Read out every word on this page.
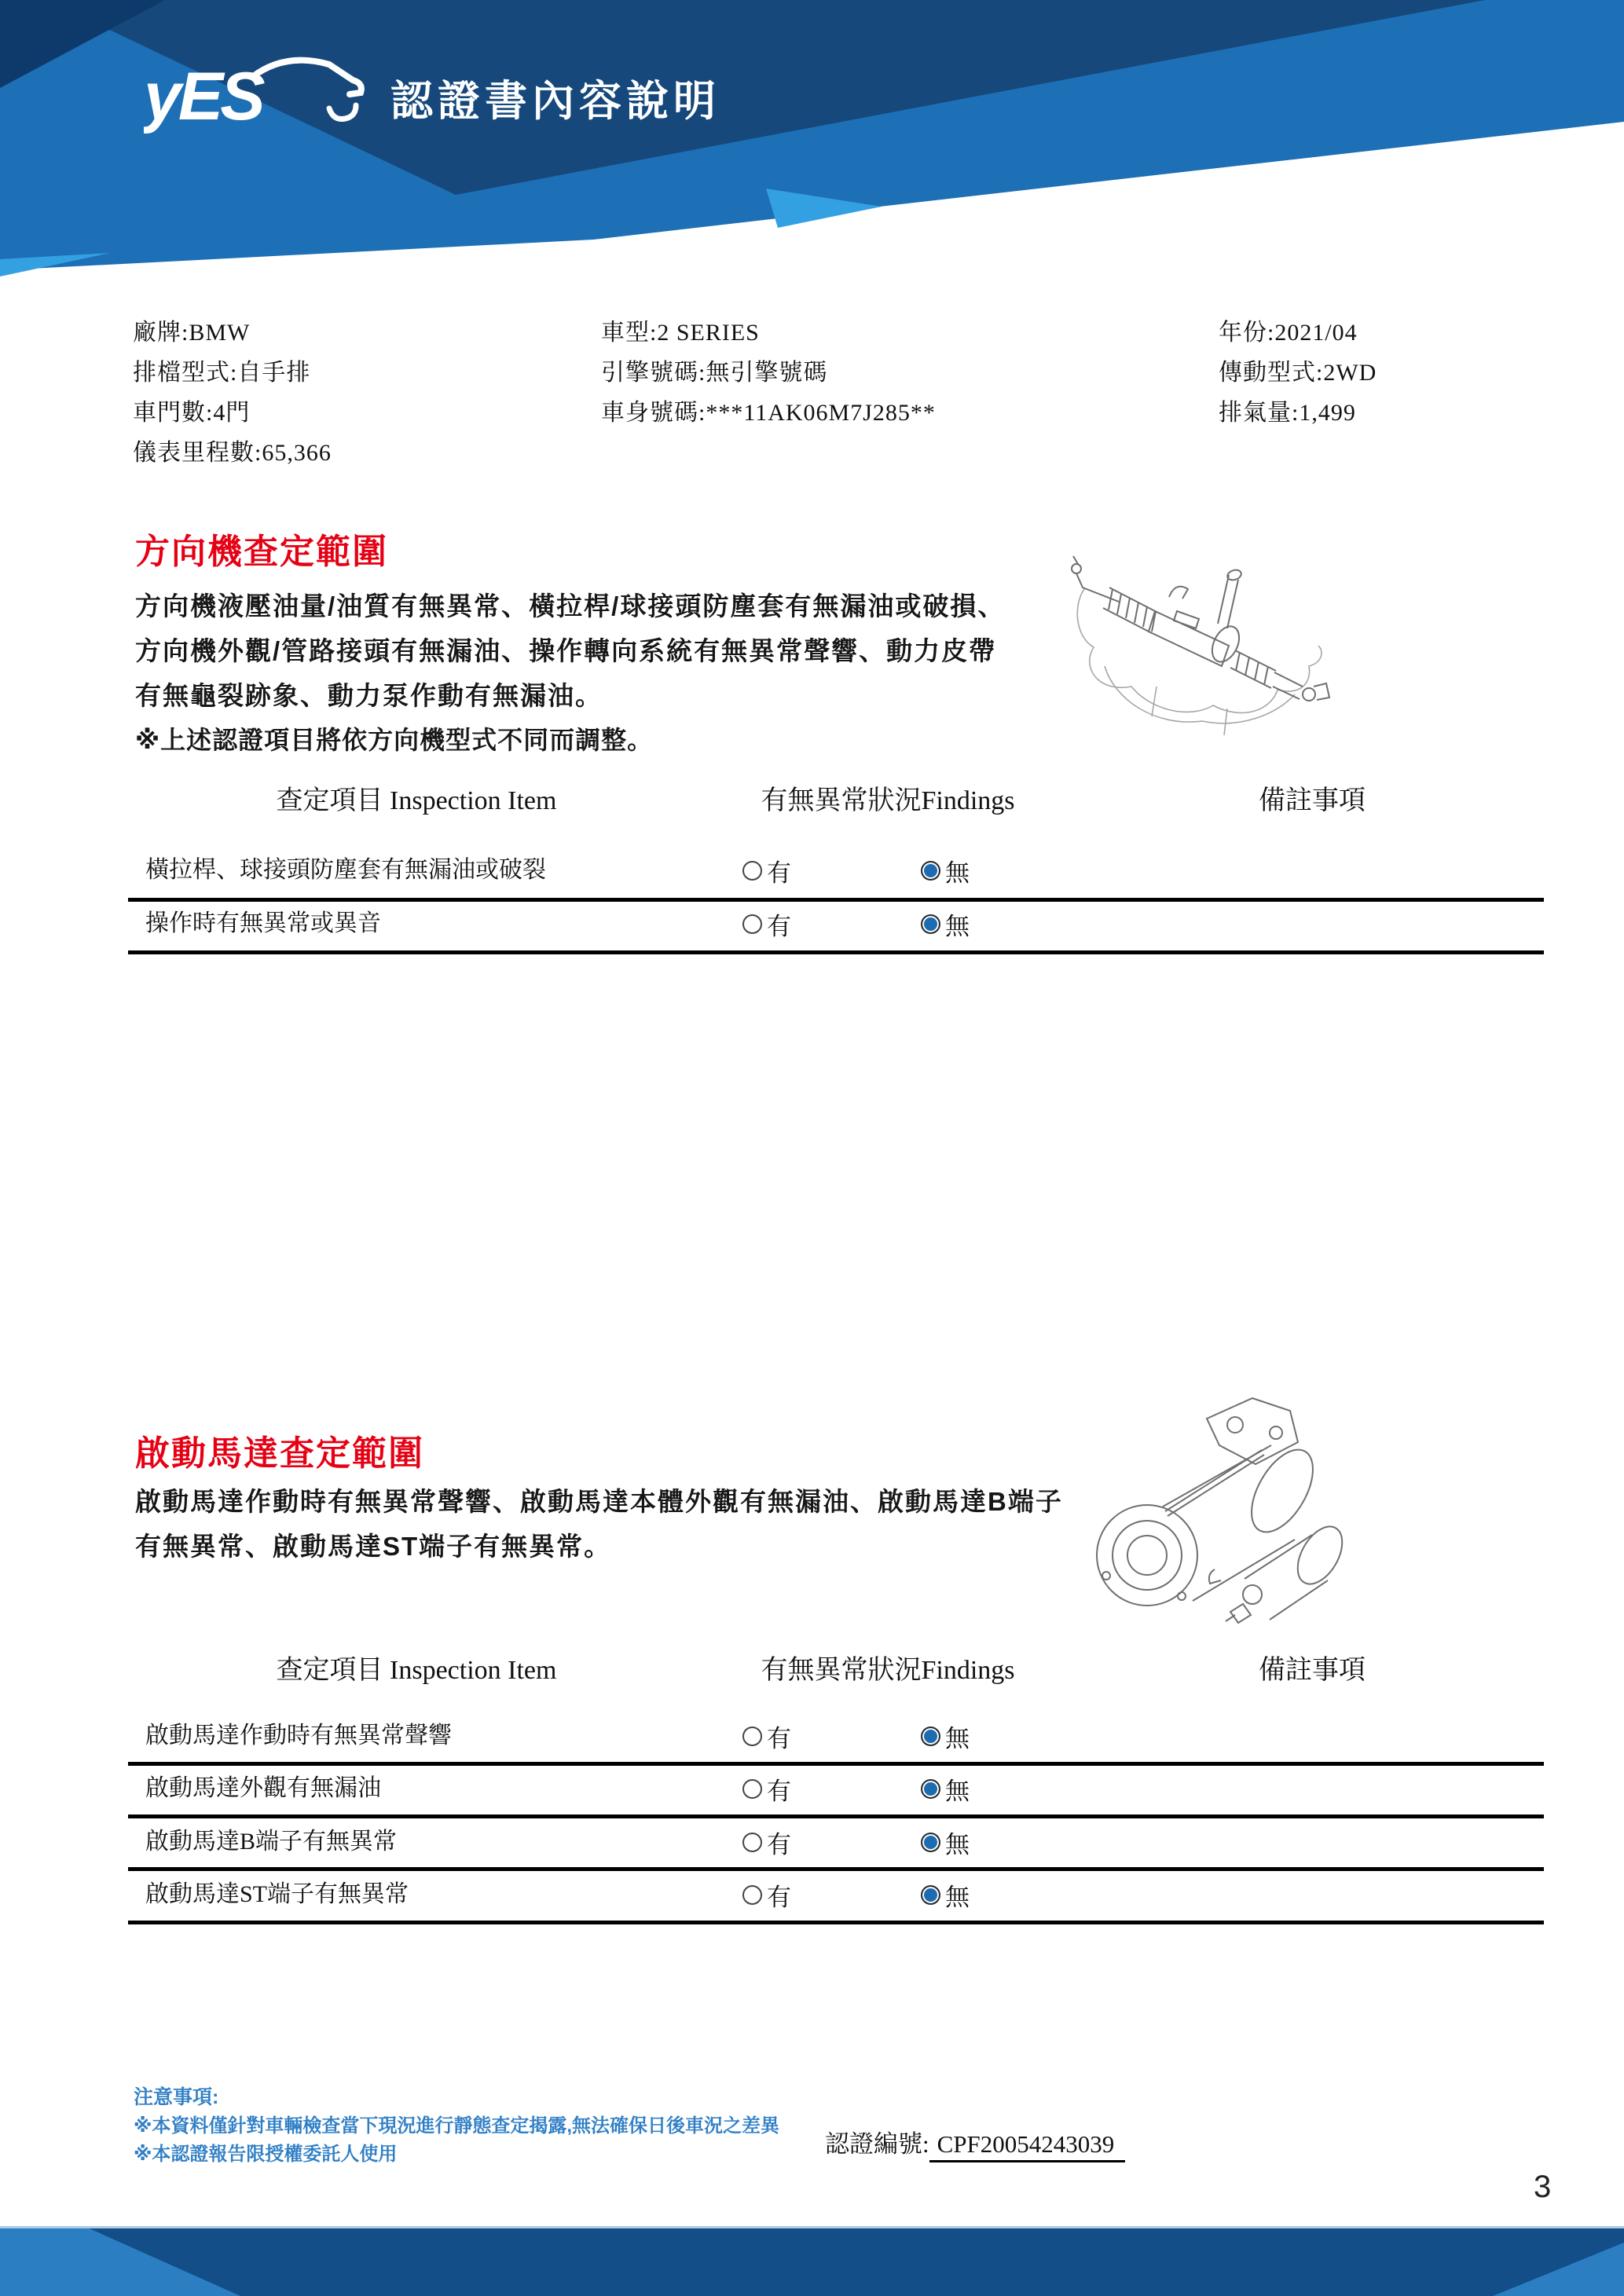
yES	認證書內容說明
廠牌:BMW
排檔型式:自手排
車門數:4門
儀表里程數:65,366
車型:2 SERIES
引擎號碼:無引擎號碼
車身號碼:***11AK06M7J285**
年份:2021/04
傳動型式:2WD
排氣量:1,499
方向機查定範圍
方向機液壓油量/油質有無異常、橫拉桿/球接頭防塵套有無漏油或破損、
方向機外觀/管路接頭有無漏油、操作轉向系統有無異常聲響、動力皮帶
有無龜裂跡象、動力泵作動有無漏油。
※上述認證項目將依方向機型式不同而調整。
查定項目 Inspection Item	有無異常狀況Findings	備註事項
橫拉桿、球接頭防塵套有無漏油或破裂	有	無
操作時有無異常或異音	有	無
啟動馬達查定範圍
啟動馬達作動時有無異常聲響、啟動馬達本體外觀有無漏油、啟動馬達B端子
有無異常、啟動馬達ST端子有無異常。
查定項目 Inspection Item	有無異常狀況Findings	備註事項
啟動馬達作動時有無異常聲響	有	無
啟動馬達外觀有無漏油	有	無
啟動馬達B端子有無異常	有	無
啟動馬達ST端子有無異常	有	無
注意事項:
※本資料僅針對車輛檢查當下現況進行靜態查定揭露,無法確保日後車況之差異
※本認證報告限授權委託人使用	認證編號: CPF20054243039
3
